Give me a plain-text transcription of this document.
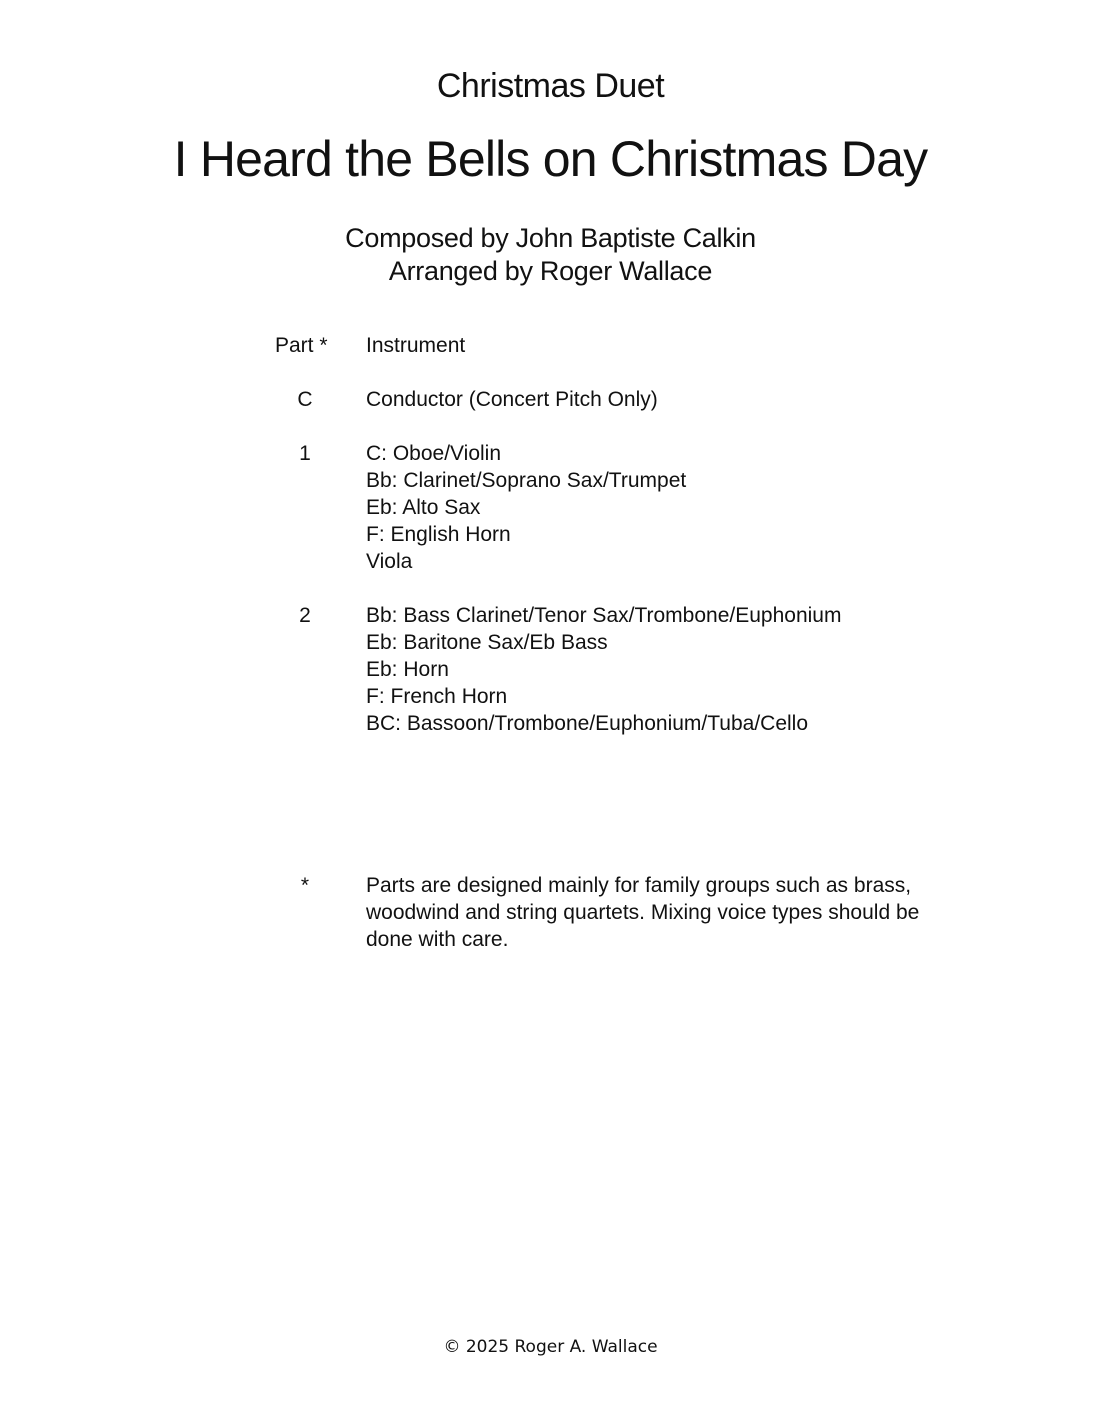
Christmas Duet
I Heard the Bells on Christmas Day
Composed by John Baptiste Calkin
Arranged by Roger Wallace
Part *	Instrument
C	Conductor (Concert Pitch Only)
1	C: Oboe/Violin
Bb: Clarinet/Soprano Sax/Trumpet
Eb: Alto Sax
F: English Horn
Viola
2	Bb: Bass Clarinet/Tenor Sax/Trombone/Euphonium
Eb: Baritone Sax/Eb Bass
Eb: Horn
F: French Horn
BC: Bassoon/Trombone/Euphonium/Tuba/Cello
*	Parts are designed mainly for family groups such as brass, woodwind and string quartets. Mixing voice types should be done with care.
© 2025 Roger A. Wallace
